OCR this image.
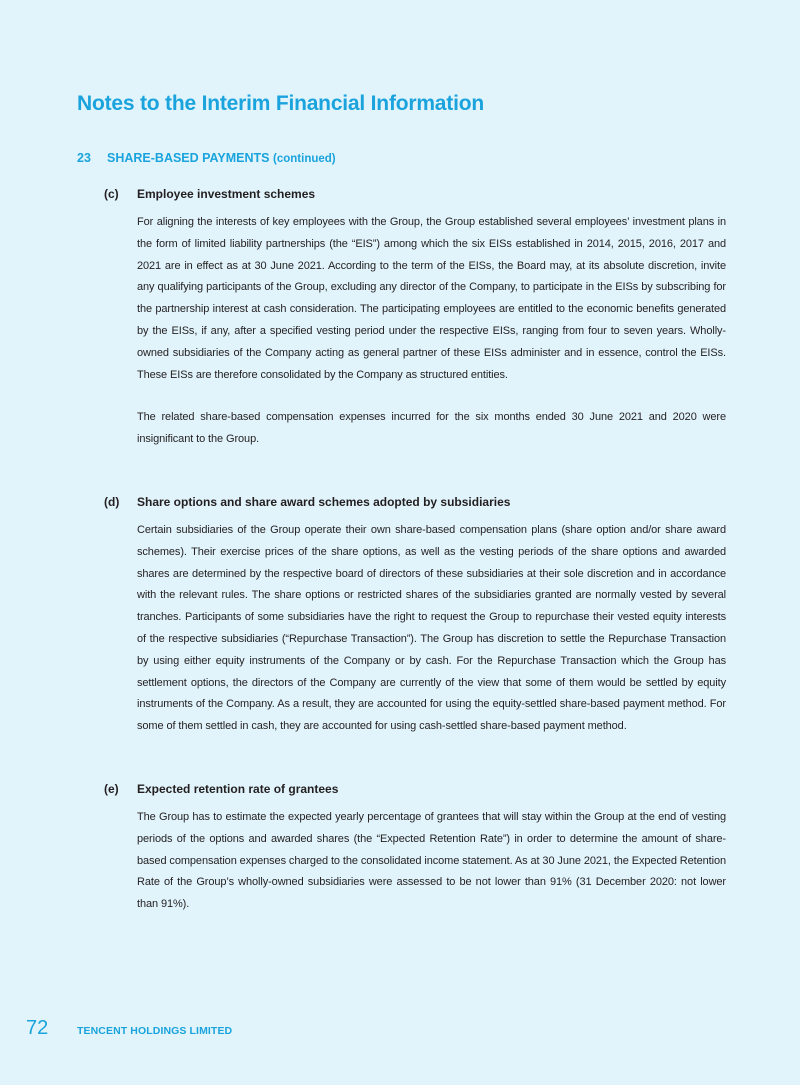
Notes to the Interim Financial Information
23 SHARE-BASED PAYMENTS (continued)
(c) Employee investment schemes

For aligning the interests of key employees with the Group, the Group established several employees’ investment plans in the form of limited liability partnerships (the “EIS”) among which the six EISs established in 2014, 2015, 2016, 2017 and 2021 are in effect as at 30 June 2021. According to the term of the EISs, the Board may, at its absolute discretion, invite any qualifying participants of the Group, excluding any director of the Company, to participate in the EISs by subscribing for the partnership interest at cash consideration. The participating employees are entitled to the economic benefits generated by the EISs, if any, after a specified vesting period under the respective EISs, ranging from four to seven years. Wholly-owned subsidiaries of the Company acting as general partner of these EISs administer and in essence, control the EISs. These EISs are therefore consolidated by the Company as structured entities.

The related share-based compensation expenses incurred for the six months ended 30 June 2021 and 2020 were insignificant to the Group.

(d) Share options and share award schemes adopted by subsidiaries

Certain subsidiaries of the Group operate their own share-based compensation plans (share option and/or share award schemes). Their exercise prices of the share options, as well as the vesting periods of the share options and awarded shares are determined by the respective board of directors of these subsidiaries at their sole discretion and in accordance with the relevant rules. The share options or restricted shares of the subsidiaries granted are normally vested by several tranches. Participants of some subsidiaries have the right to request the Group to repurchase their vested equity interests of the respective subsidiaries (“Repurchase Transaction”). The Group has discretion to settle the Repurchase Transaction by using either equity instruments of the Company or by cash. For the Repurchase Transaction which the Group has settlement options, the directors of the Company are currently of the view that some of them would be settled by equity instruments of the Company. As a result, they are accounted for using the equity-settled share-based payment method. For some of them settled in cash, they are accounted for using cash-settled share-based payment method.

(e) Expected retention rate of grantees

The Group has to estimate the expected yearly percentage of grantees that will stay within the Group at the end of vesting periods of the options and awarded shares (the “Expected Retention Rate”) in order to determine the amount of share-based compensation expenses charged to the consolidated income statement. As at 30 June 2021, the Expected Retention Rate of the Group’s wholly-owned subsidiaries were assessed to be not lower than 91% (31 December 2020: not lower than 91%).

72	TENCENT HOLDINGS LIMITED
